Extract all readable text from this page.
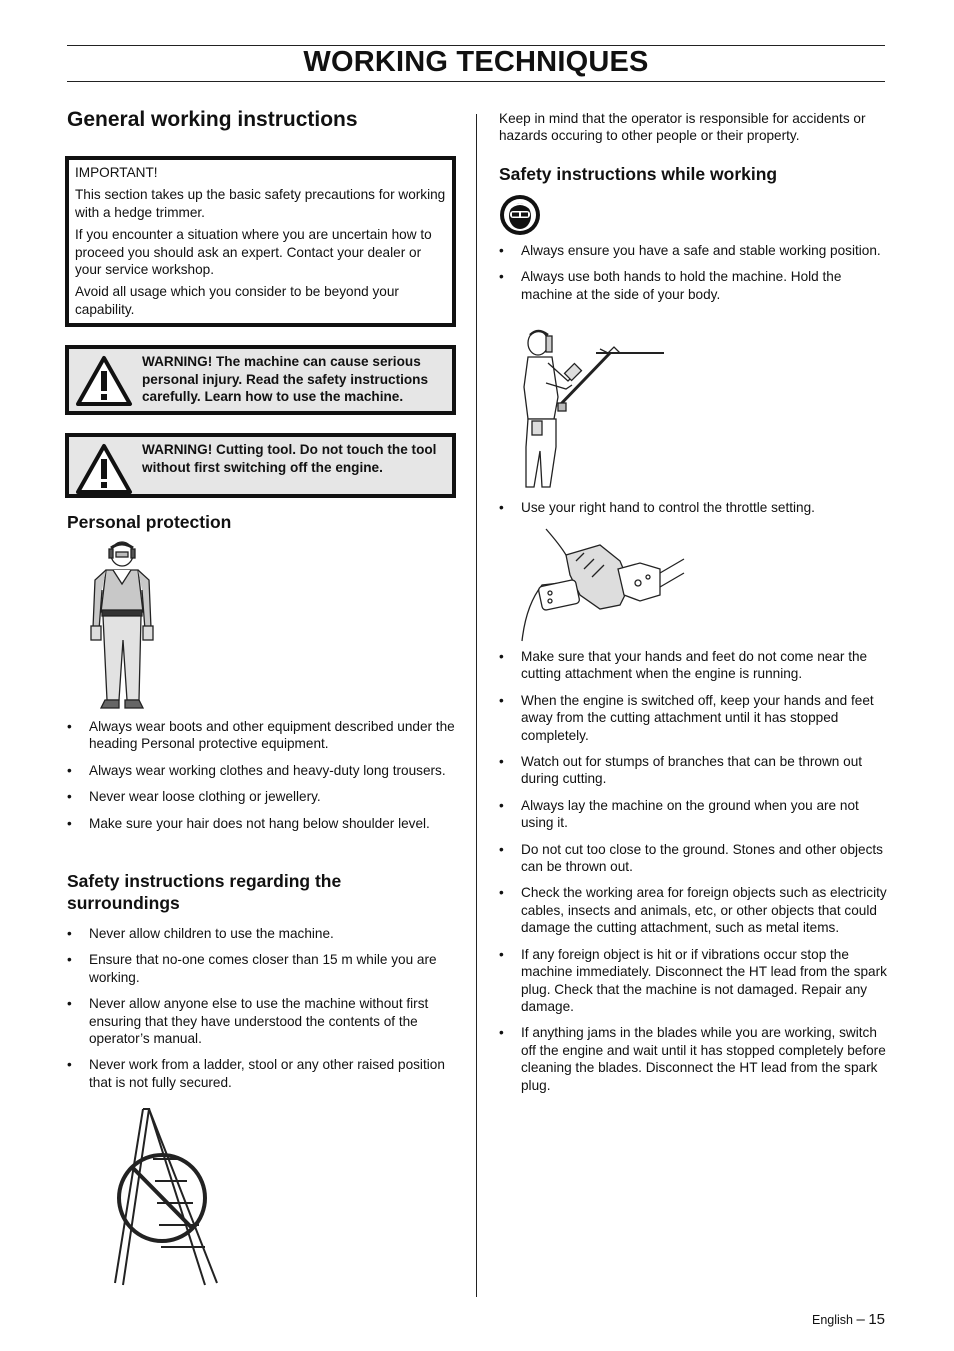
WORKING TECHNIQUES
General working instructions

IMPORTANT!

This section takes up the basic safety precautions for working with a hedge trimmer.

If you encounter a situation where you are uncertain how to proceed you should ask an expert. Contact your dealer or your service workshop.

Avoid all usage which you consider to be beyond your capability.

WARNING! The machine can cause serious personal injury. Read the safety instructions carefully. Learn how to use the machine.
WARNING! Cutting tool. Do not touch the tool without first switching off the engine.
Personal protection
• Always wear boots and other equipment described under the heading Personal protective equipment.
• Always wear working clothes and heavy-duty long trousers.
• Never wear loose clothing or jewellery.
• Make sure your hair does not hang below shoulder level.
Safety instructions regarding the surroundings
• Never allow children to use the machine.
• Ensure that no-one comes closer than 15 m while you are working.
• Never allow anyone else to use the machine without first ensuring that they have understood the contents of the operator’s manual.
• Never work from a ladder, stool or any other raised position that is not fully secured.

Keep in mind that the operator is responsible for accidents or hazards occuring to other people or their property.

Safety instructions while working
• Always ensure you have a safe and stable working position.
• Always use both hands to hold the machine. Hold the machine at the side of your body.
• Use your right hand to control the throttle setting.
• Make sure that your hands and feet do not come near the cutting attachment when the engine is running.
• When the engine is switched off, keep your hands and feet away from the cutting attachment until it has stopped completely.
• Watch out for stumps of branches that can be thrown out during cutting.
• Always lay the machine on the ground when you are not using it.
• Do not cut too close to the ground. Stones and other objects can be thrown out.
• Check the working area for foreign objects such as electricity cables, insects and animals, etc, or other objects that could damage the cutting attachment, such as metal items.
• If any foreign object is hit or if vibrations occur stop the machine immediately. Disconnect the HT lead from the spark plug. Check that the machine is not damaged. Repair any damage.
• If anything jams in the blades while you are working, switch off the engine and wait until it has stopped completely before cleaning the blades. Disconnect the HT lead from the spark plug.
English – 15
